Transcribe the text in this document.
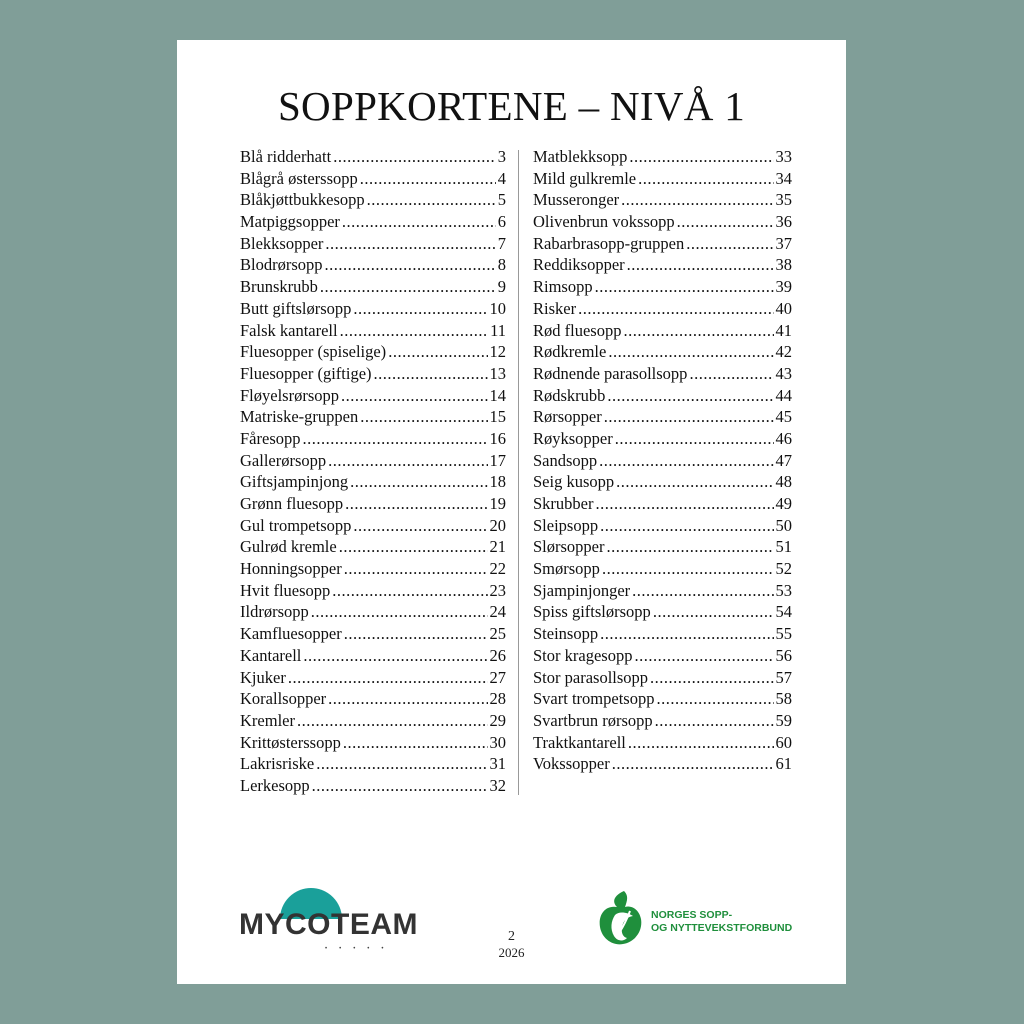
SOPPKORTENE – NIVÅ 1
Blå ridderhatt .....	3
Blågrå østerssopp .....	4
Blåkjøttbukkesopp .....	5
Matpiggsopper .....	6
Blekksopper .....	7
Blodrørsopp .....	8
Brunskrubb .....	9
Butt giftslørsopp .....	10
Falsk kantarell .....	11
Fluesopper (spiselige) .....	12
Fluesopper (giftige) .....	13
Fløyelsrørsopp .....	14
Matriske-gruppen .....	15
Fåresopp .....	16
Gallerørsopp .....	17
Giftsjampinjong .....	18
Grønn fluesopp .....	19
Gul trompetsopp .....	20
Gulrød kremle .....	21
Honningsopper .....	22
Hvit fluesopp .....	23
Ildrørsopp .....	24
Kamfluesopper .....	25
Kantarell .....	26
Kjuker .....	27
Korallsopper .....	28
Kremler .....	29
Krittøsterssopp .....	30
Lakrisriske .....	31
Lerkesopp .....	32
Matblekksopp .....	33
Mild gulkremle .....	34
Musseronger .....	35
Olivenbrun vokssopp .....	36
Rabarbrasopp-gruppen .....	37
Reddiksopper .....	38
Rimsopp .....	39
Risker .....	40
Rød fluesopp .....	41
Rødkremle .....	42
Rødnende parasollsopp .....	43
Rødskrubb .....	44
Rørsopper .....	45
Røyksopper .....	46
Sandsopp .....	47
Seig kusopp .....	48
Skrubber .....	49
Sleipsopp .....	50
Slørsopper .....	51
Smørsopp .....	52
Sjampinjonger .....	53
Spiss giftslørsopp .....	54
Steinsopp .....	55
Stor kragesopp .....	56
Stor parasollsopp .....	57
Svart trompetsopp .....	58
Svartbrun rørsopp .....	59
Traktkantarell .....	60
Vokssopper .....	61
MYCOTEAM
•••••	2
2026
NORGES SOPP-
OG NYTTEVEKSTFORBUND
